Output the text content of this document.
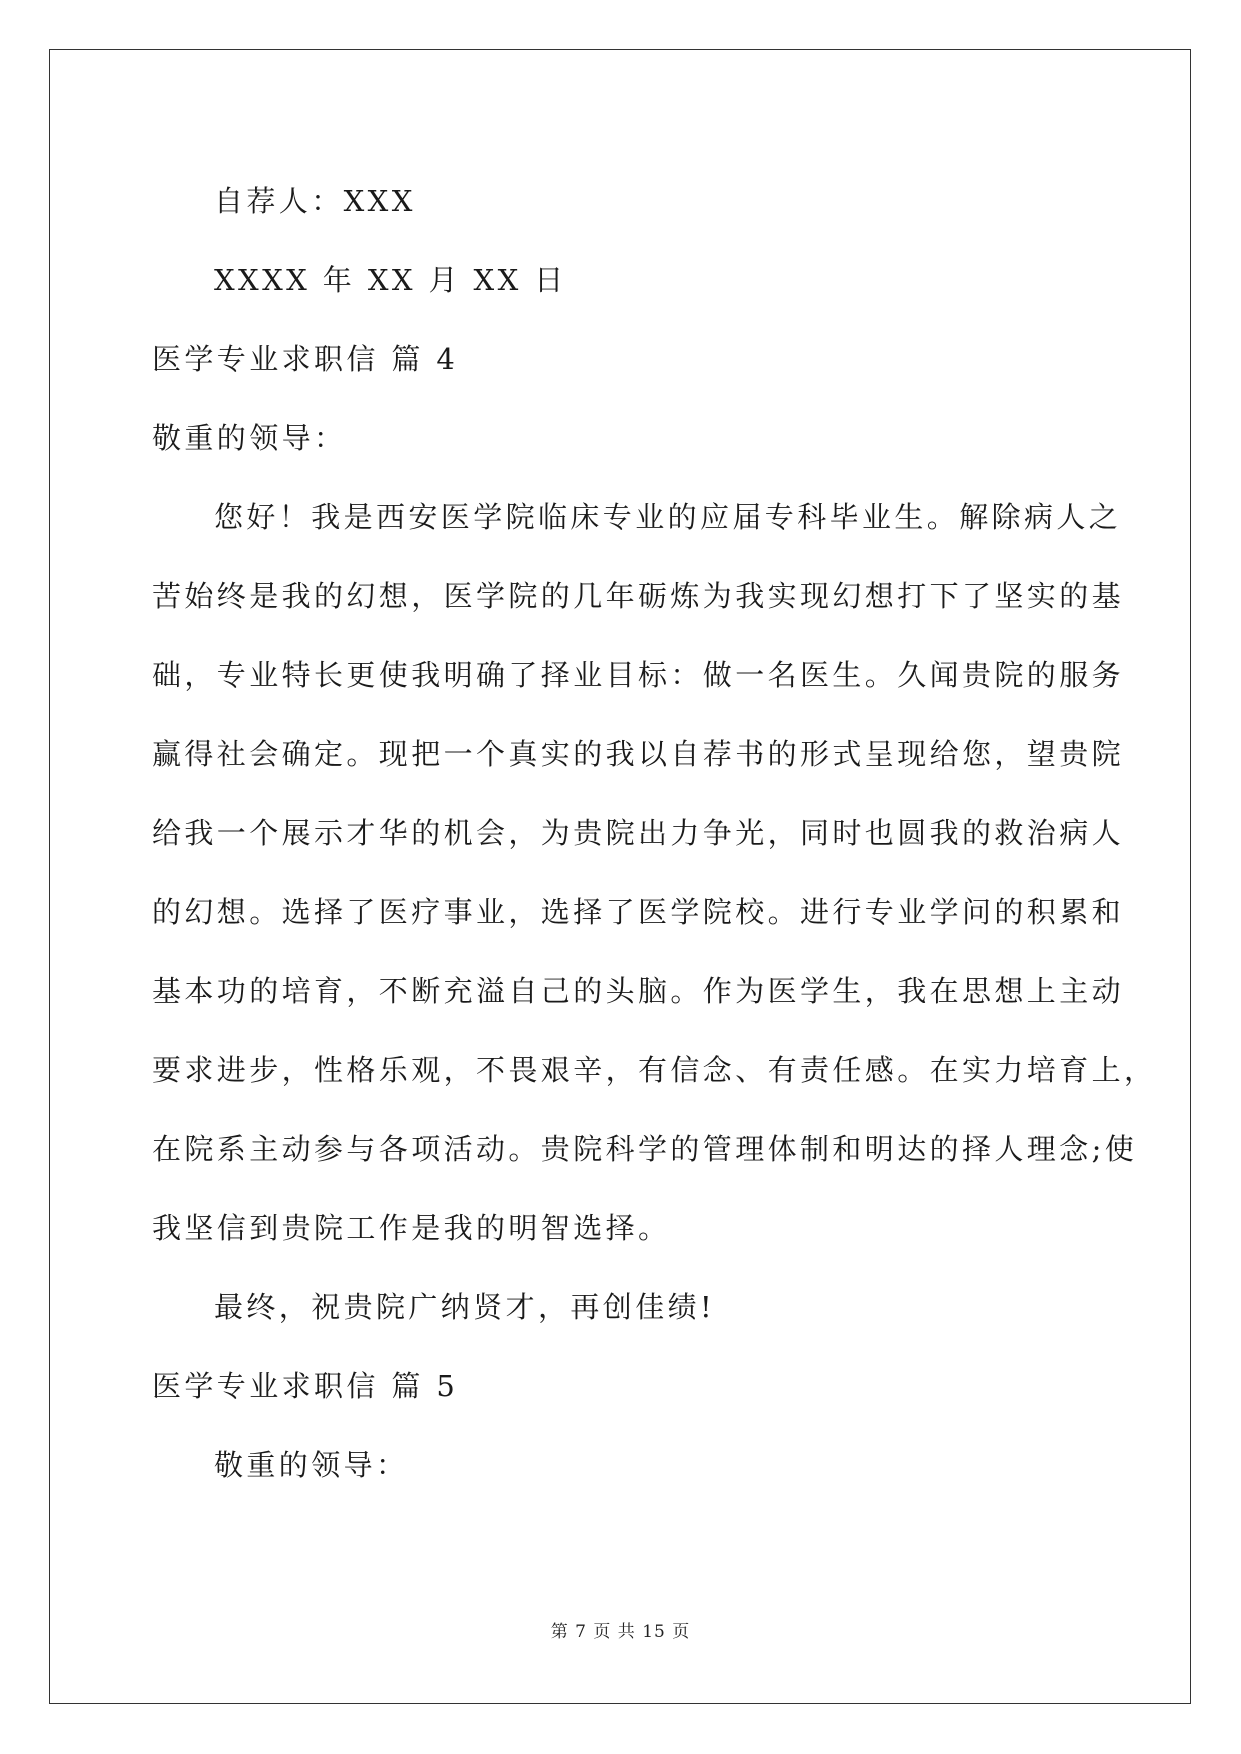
自荐人：XXX
XXXX 年 XX 月 XX 日
医学专业求职信 篇 4
敬重的领导：
您好！我是西安医学院临床专业的应届专科毕业生。解除病人之
苦始终是我的幻想，医学院的几年砺炼为我实现幻想打下了坚实的基
础，专业特长更使我明确了择业目标：做一名医生。久闻贵院的服务
赢得社会确定。现把一个真实的我以自荐书的形式呈现给您，望贵院
给我一个展示才华的机会，为贵院出力争光，同时也圆我的救治病人
的幻想。选择了医疗事业，选择了医学院校。进行专业学问的积累和
基本功的培育，不断充溢自己的头脑。作为医学生，我在思想上主动
要求进步，性格乐观，不畏艰辛，有信念、有责任感。在实力培育上，
在院系主动参与各项活动。贵院科学的管理体制和明达的择人理念;使
我坚信到贵院工作是我的明智选择。
最终，祝贵院广纳贤才，再创佳绩!
医学专业求职信 篇 5
敬重的领导：
第 7 页 共 15 页
